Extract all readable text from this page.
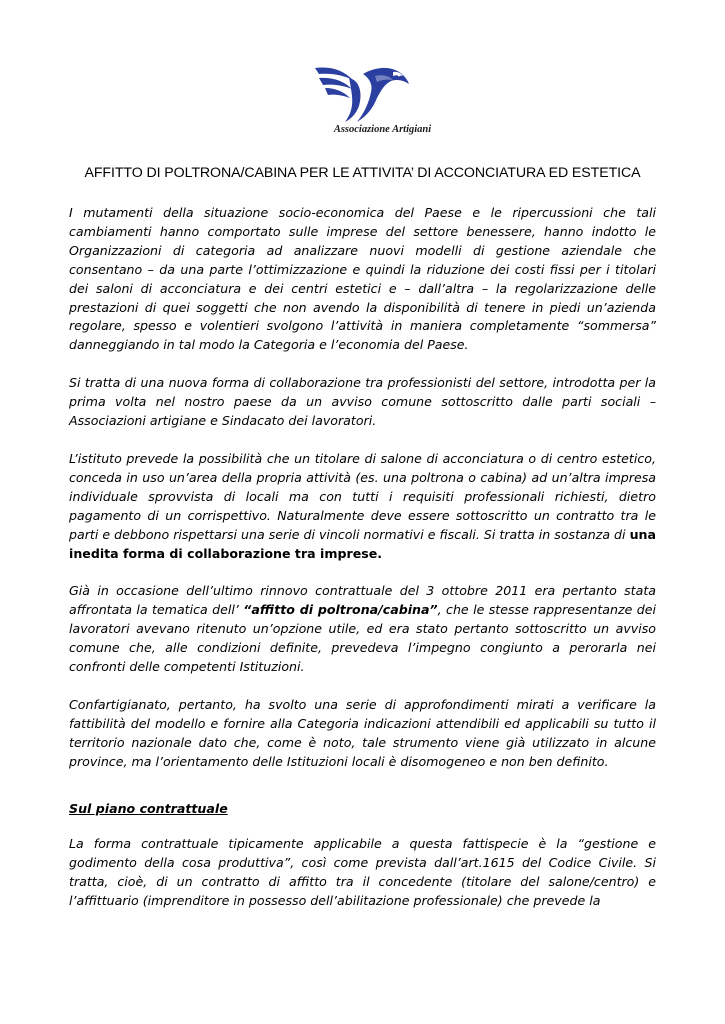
Associazione Artigiani
AFFITTO DI POLTRONA/CABINA PER LE ATTIVITA’ DI ACCONCIATURA ED ESTETICA

I mutamenti della situazione socio-economica del Paese e le ripercussioni che tali cambiamenti hanno comportato sulle imprese del settore benessere, hanno indotto le Organizzazioni di categoria ad analizzare nuovi modelli di gestione aziendale che consentano – da una parte l’ottimizzazione e quindi la riduzione dei costi fissi per i titolari dei saloni di acconciatura e dei centri estetici e – dall’altra – la regolarizzazione delle prestazioni di quei soggetti che non avendo la disponibilità di tenere in piedi un’azienda regolare, spesso e volentieri svolgono l’attività in maniera completamente “sommersa” danneggiando in tal modo la Categoria e l’economia del Paese.

Si tratta di una nuova forma di collaborazione tra professionisti del settore, introdotta per la prima volta nel nostro paese da un avviso comune sottoscritto dalle parti sociali – Associazioni artigiane e Sindacato dei lavoratori.

L’istituto prevede la possibilità che un titolare di salone di acconciatura o di centro estetico, conceda in uso un’area della propria attività (es. una poltrona o cabina) ad un’altra impresa individuale sprovvista di locali ma con tutti i requisiti professionali richiesti, dietro pagamento di un corrispettivo. Naturalmente deve essere sottoscritto un contratto tra le parti e debbono rispettarsi una serie di vincoli normativi e fiscali. Si tratta in sostanza di una inedita forma di collaborazione tra imprese.

Già in occasione dell’ultimo rinnovo contrattuale del 3 ottobre 2011 era pertanto stata affrontata la tematica dell’ “affitto di poltrona/cabina”, che le stesse rappresentanze dei lavoratori avevano ritenuto un’opzione utile, ed era stato pertanto sottoscritto un avviso comune che, alle condizioni definite, prevedeva l’impegno congiunto a perorarla nei confronti delle competenti Istituzioni.

Confartigianato, pertanto, ha svolto una serie di approfondimenti mirati a verificare la fattibilità del modello e fornire alla Categoria indicazioni attendibili ed applicabili su tutto il territorio nazionale dato che, come è noto, tale strumento viene già utilizzato in alcune province, ma l’orientamento delle Istituzioni locali è disomogeneo e non ben definito.

Sul piano contrattuale

La forma contrattuale tipicamente applicabile a questa fattispecie è la “gestione e godimento della cosa produttiva”, così come prevista dall’art.1615 del Codice Civile. Si tratta, cioè, di un contratto di affitto tra il concedente (titolare del salone/centro) e l’affittuario (imprenditore in possesso dell’abilitazione professionale) che prevede la
